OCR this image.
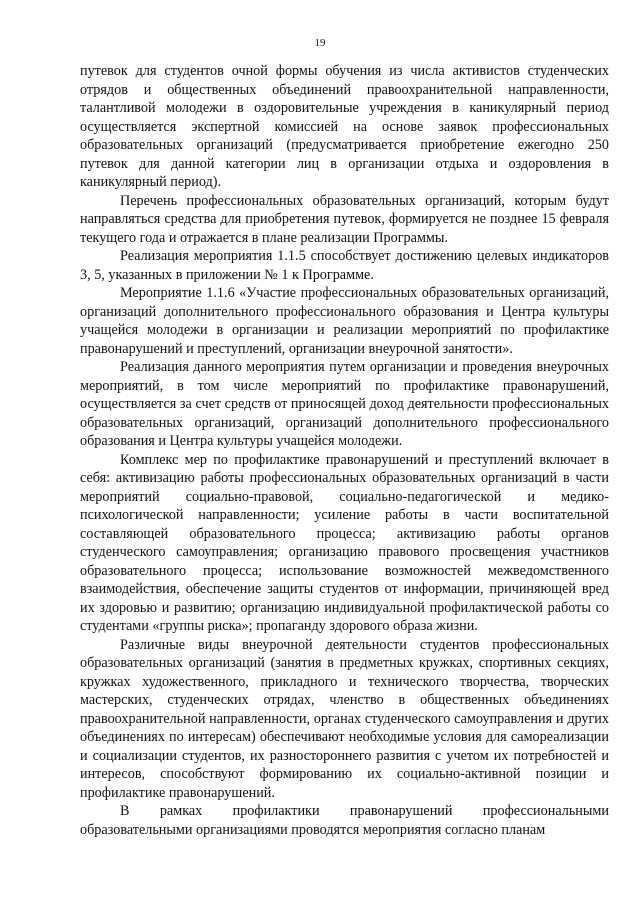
19

путевок для студентов очной формы обучения из числа активистов студенческих отрядов и общественных объединений правоохранительной направленности, талантливой молодежи в оздоровительные учреждения в каникулярный период осуществляется экспертной комиссией на основе заявок профессиональных образовательных организаций (предусматривается приобретение ежегодно 250 путевок для данной категории лиц в организации отдыха и оздоровления в каникулярный период).

Перечень профессиональных образовательных организаций, которым будут направляться средства для приобретения путевок, формируется не позднее 15 февраля текущего года и отражается в плане реализации Программы.

Реализация мероприятия 1.1.5 способствует достижению целевых индикаторов 3, 5, указанных в приложении № 1 к Программе.

Мероприятие 1.1.6 «Участие профессиональных образовательных организаций, организаций дополнительного профессионального образования и Центра культуры учащейся молодежи в организации и реализации мероприятий по профилактике правонарушений и преступлений, организации внеурочной занятости».

Реализация данного мероприятия путем организации и проведения внеурочных мероприятий, в том числе мероприятий по профилактике правонарушений, осуществляется за счет средств от приносящей доход деятельности профессиональных образовательных организаций, организаций дополнительного профессионального образования и Центра культуры учащейся молодежи.

Комплекс мер по профилактике правонарушений и преступлений включает в себя: активизацию работы профессиональных образовательных организаций в части мероприятий социально-правовой, социально-педагогической и медико-психологической направленности; усиление работы в части воспитательной составляющей образовательного процесса; активизацию работы органов студенческого самоуправления; организацию правового просвещения участников образовательного процесса; использование возможностей межведомственного взаимодействия, обеспечение защиты студентов от информации, причиняющей вред их здоровью и развитию; организацию индивидуальной профилактической работы со студентами «группы риска»; пропаганду здорового образа жизни.

Различные виды внеурочной деятельности студентов профессиональных образовательных организаций (занятия в предметных кружках, спортивных секциях, кружках художественного, прикладного и технического творчества, творческих мастерских, студенческих отрядах, членство в общественных объединениях правоохранительной направленности, органах студенческого самоуправления и других объединениях по интересам) обеспечивают необходимые условия для самореализации и социализации студентов, их разностороннего развития с учетом их потребностей и интересов, способствуют формированию их социально-активной позиции и профилактике правонарушений.

В рамках профилактики правонарушений профессиональными образовательными организациями проводятся мероприятия согласно планам
